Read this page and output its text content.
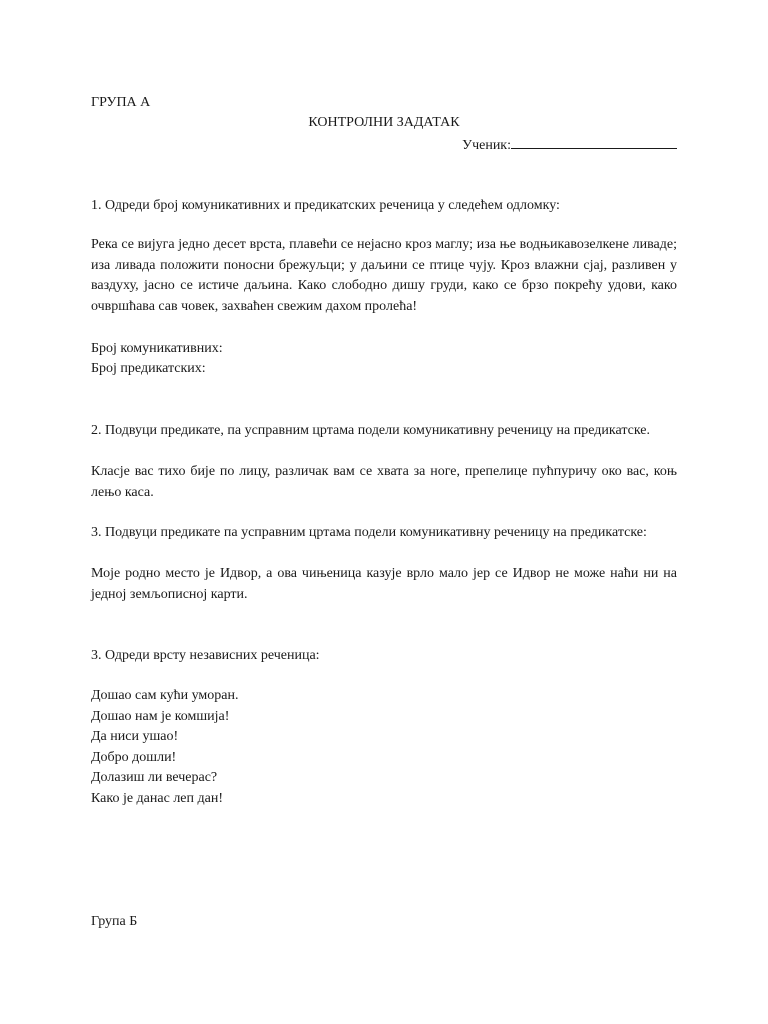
ГРУПА А
КОНТРОЛНИ ЗАДАТАК
Ученик:
1. Одреди број комуникативних и предикатских реченица у следећем одломку:
Река се вијуга једно десет врста, плавећи се нејасно кроз маглу; иза ње водњикавозелкене ливаде; иза ливада положити поносни брежуљци; у даљини се птице чују. Кроз влажни сјај, разливен у ваздуху, јасно се истиче даљина. Како слободно дишу груди, како се брзо покрећу удови, како очвршћава сав човек, захваћен свежим дахом пролећа!
Број комуникативних:
Број предикатских:
2. Подвуци предикате, па усправним цртама подели комуникативну реченицу на предикатске.
Класје вас тихо бије по лицу, различак вам се хвата за ноге, препелице пућпуричу око вас, коњ лењо каса.
3. Подвуци предикате па усправним цртама подели комуникативну реченицу на предикатске:
Моје родно место је Идвор, а ова чињеница казује врло мало јер се Идвор не може наћи ни на једној земљописној карти.
3. Одреди врсту независних реченица:
Дошао сам кући уморан.
Дошао нам је комшија!
Да ниси ушао!
Добро дошли!
Долазиш ли вечерас?
Како је данас леп дан!
Група Б
